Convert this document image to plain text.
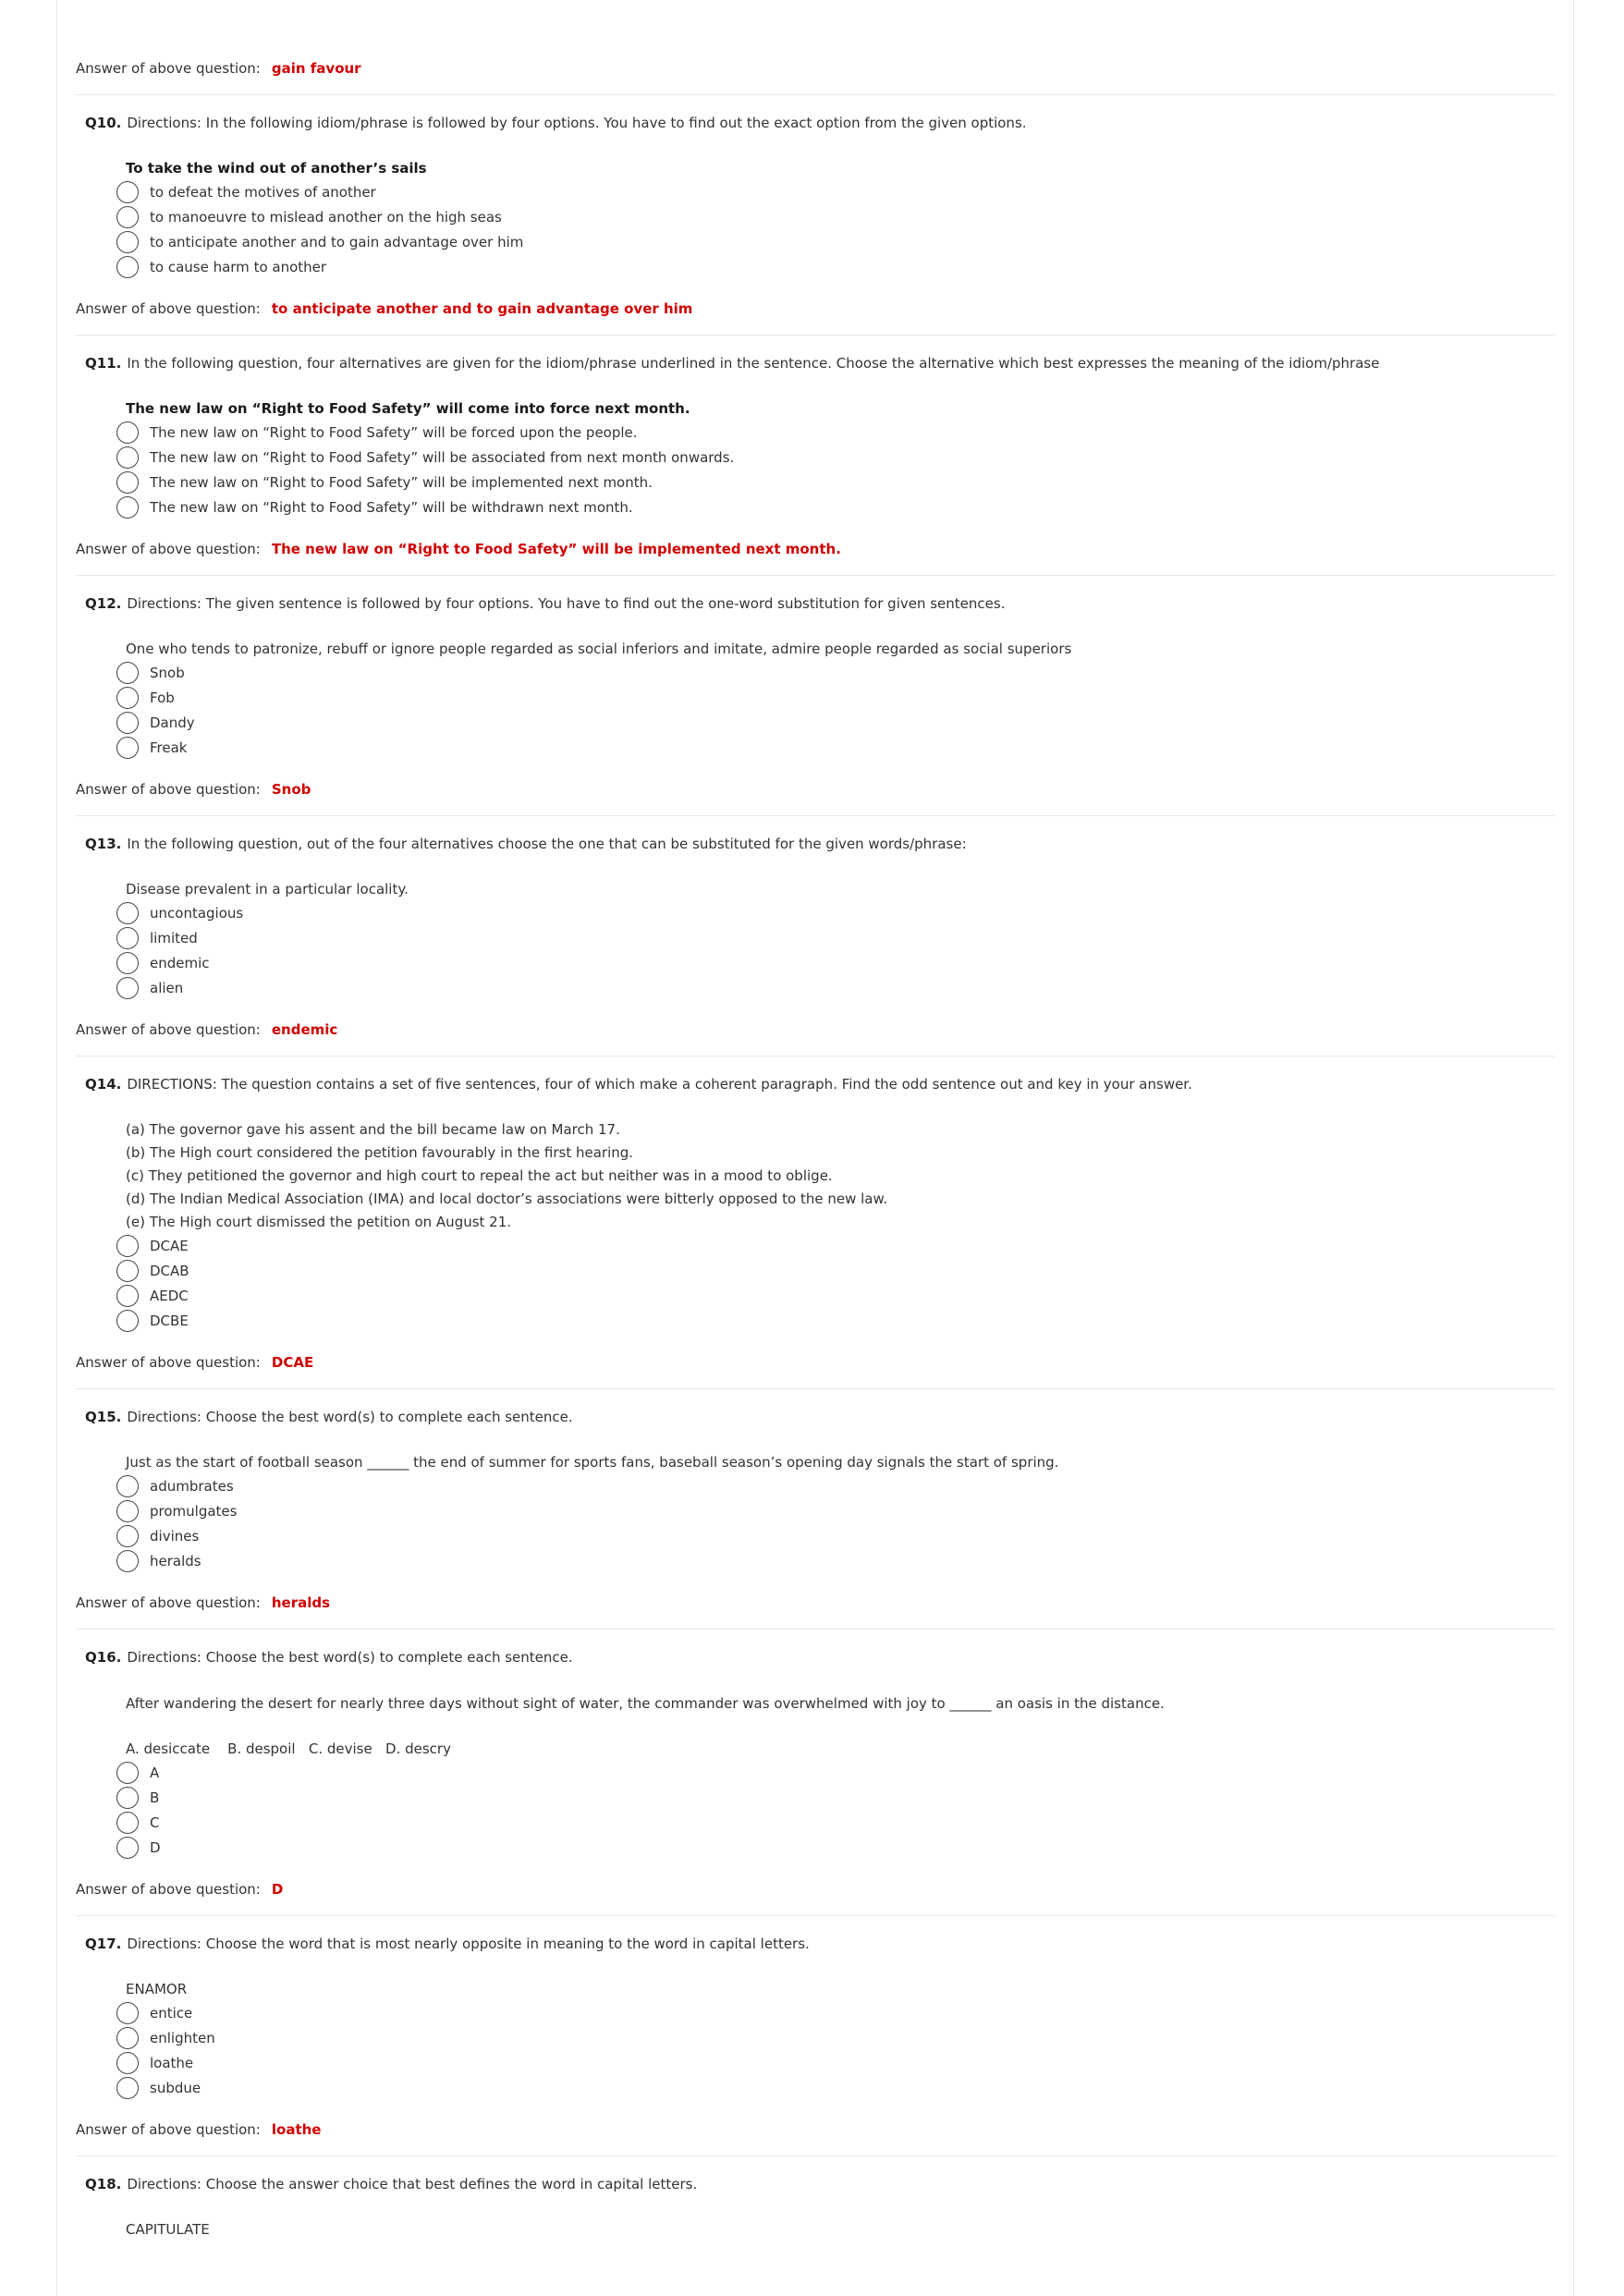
Answer of above question: gain favour
Q10. Directions: In the following idiom/phrase is followed by four options. You have to find out the exact option from the given options.
To take the wind out of another’s sails
to defeat the motives of another
to manoeuvre to mislead another on the high seas
to anticipate another and to gain advantage over him
to cause harm to another
Answer of above question: to anticipate another and to gain advantage over him
Q11. In the following question, four alternatives are given for the idiom/phrase underlined in the sentence. Choose the alternative which best expresses the meaning of the idiom/phrase
The new law on “Right to Food Safety” will come into force next month.
The new law on “Right to Food Safety” will be forced upon the people.
The new law on “Right to Food Safety” will be associated from next month onwards.
The new law on “Right to Food Safety” will be implemented next month.
The new law on “Right to Food Safety” will be withdrawn next month.
Answer of above question: The new law on “Right to Food Safety” will be implemented next month.
Q12. Directions: The given sentence is followed by four options. You have to find out the one-word substitution for given sentences.
One who tends to patronize, rebuff or ignore people regarded as social inferiors and imitate, admire people regarded as social superiors
Snob
Fob
Dandy
Freak
Answer of above question: Snob
Q13. In the following question, out of the four alternatives choose the one that can be substituted for the given words/phrase:
Disease prevalent in a particular locality.
uncontagious
limited
endemic
alien
Answer of above question: endemic
Q14. DIRECTIONS: The question contains a set of five sentences, four of which make a coherent paragraph. Find the odd sentence out and key in your answer.
(a) The governor gave his assent and the bill became law on March 17.
(b) The High court considered the petition favourably in the first hearing.
(c) They petitioned the governor and high court to repeal the act but neither was in a mood to oblige.
(d) The Indian Medical Association (IMA) and local doctor’s associations were bitterly opposed to the new law.
(e) The High court dismissed the petition on August 21.
DCAE
DCAB
AEDC
DCBE
Answer of above question: DCAE
Q15. Directions: Choose the best word(s) to complete each sentence.
Just as the start of football season ______ the end of summer for sports fans, baseball season’s opening day signals the start of spring.
adumbrates
promulgates
divines
heralds
Answer of above question: heralds
Q16. Directions: Choose the best word(s) to complete each sentence.
After wandering the desert for nearly three days without sight of water, the commander was overwhelmed with joy to ______ an oasis in the distance.
A. desiccate    B. despoil   C. devise   D. descry
A
B
C
D
Answer of above question: D
Q17. Directions: Choose the word that is most nearly opposite in meaning to the word in capital letters.
ENAMOR
entice
enlighten
loathe
subdue
Answer of above question: loathe
Q18. Directions: Choose the answer choice that best defines the word in capital letters.
CAPITULATE
